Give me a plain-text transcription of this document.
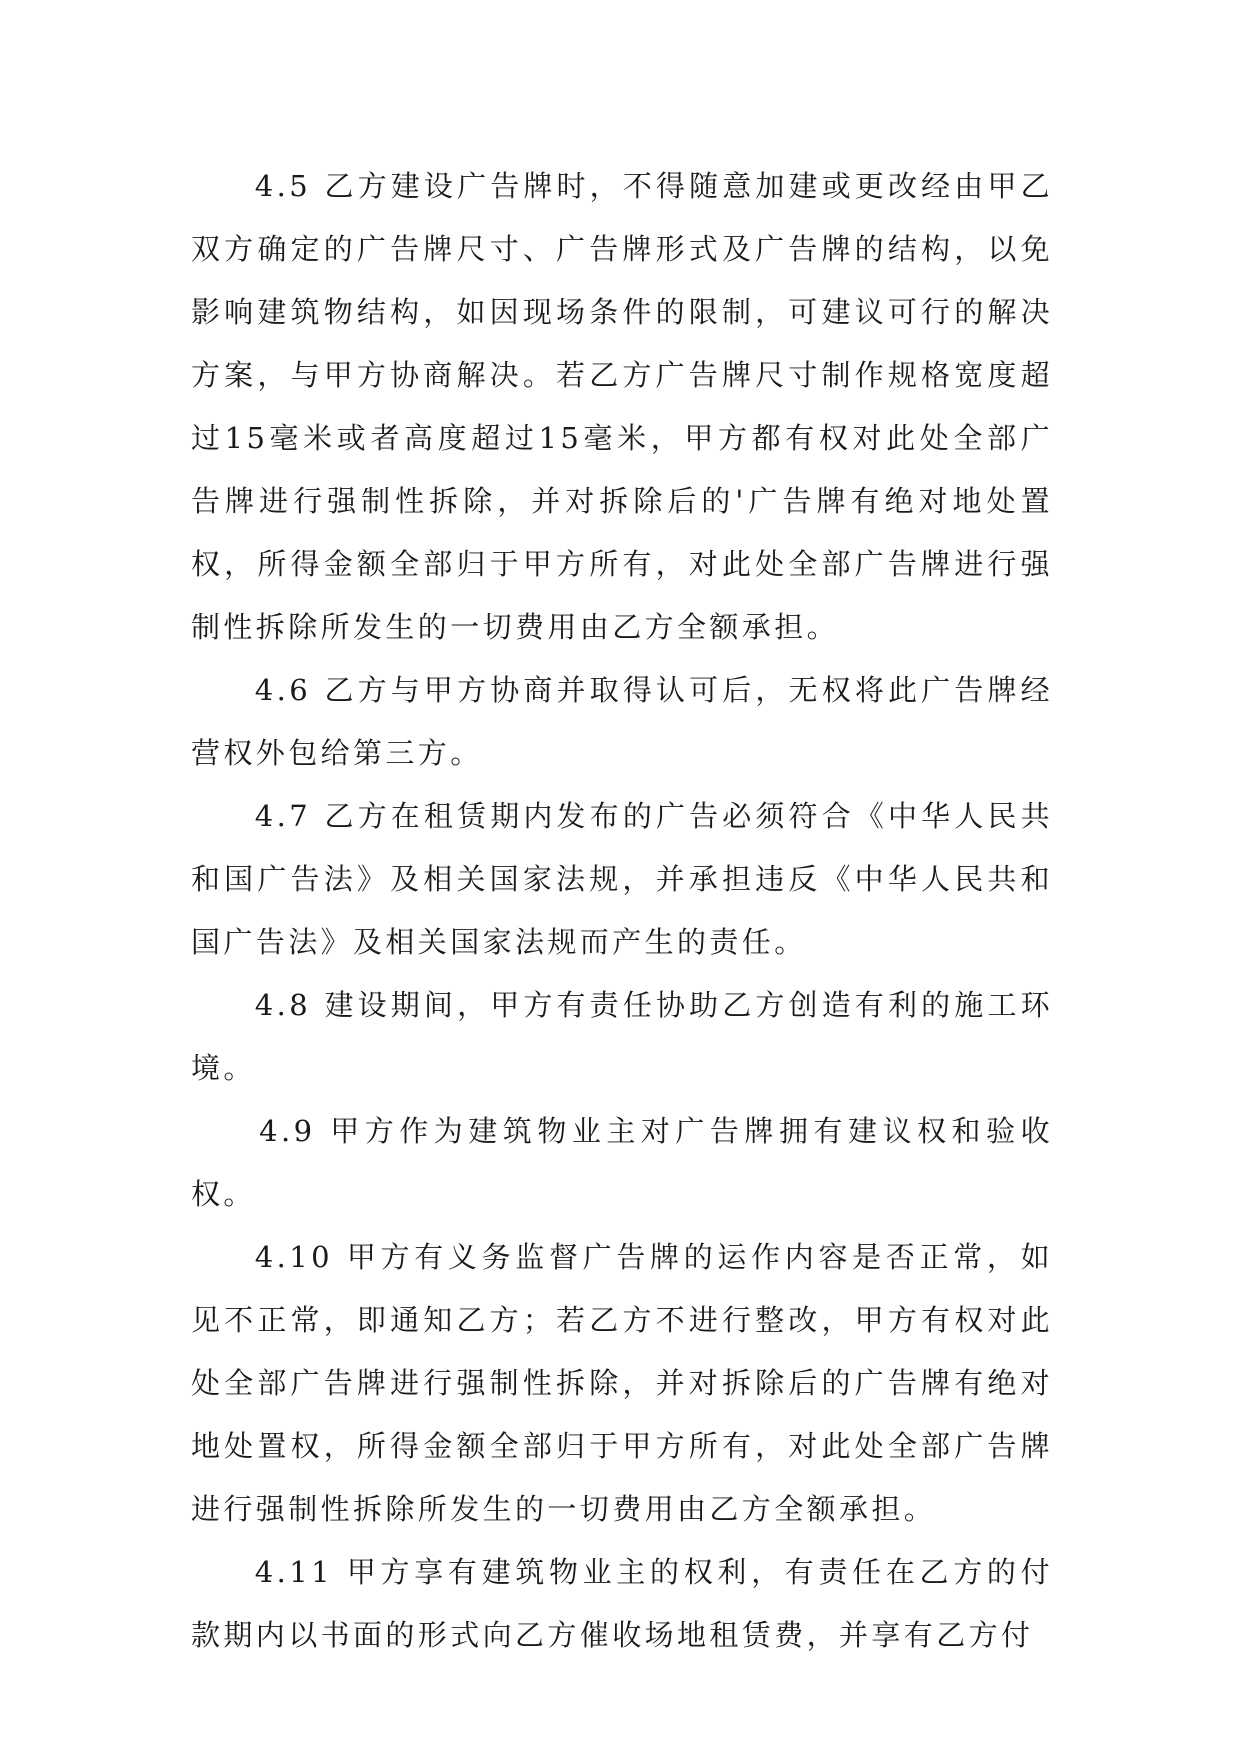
4.5 乙方建设广告牌时，不得随意加建或更改经由甲乙双方确定的广告牌尺寸、广告牌形式及广告牌的结构，以免影响建筑物结构，如因现场条件的限制，可建议可行的解决方案，与甲方协商解决。若乙方广告牌尺寸制作规格宽度超过15毫米或者高度超过15毫米，甲方都有权对此处全部广告牌进行强制性拆除，并对拆除后的'广告牌有绝对地处置权，所得金额全部归于甲方所有，对此处全部广告牌进行强制性拆除所发生的一切费用由乙方全额承担。

4.6 乙方与甲方协商并取得认可后，无权将此广告牌经营权外包给第三方。

4.7 乙方在租赁期内发布的广告必须符合《中华人民共和国广告法》及相关国家法规，并承担违反《中华人民共和国广告法》及相关国家法规而产生的责任。

4.8 建设期间，甲方有责任协助乙方创造有利的施工环境。

4.9 甲方作为建筑物业主对广告牌拥有建议权和验收权。

4.10 甲方有义务监督广告牌的运作内容是否正常，如见不正常，即通知乙方；若乙方不进行整改，甲方有权对此处全部广告牌进行强制性拆除，并对拆除后的广告牌有绝对地处置权，所得金额全部归于甲方所有，对此处全部广告牌进行强制性拆除所发生的一切费用由乙方全额承担。

4.11 甲方享有建筑物业主的权利，有责任在乙方的付款期内以书面的形式向乙方催收场地租赁费，并享有乙方付
